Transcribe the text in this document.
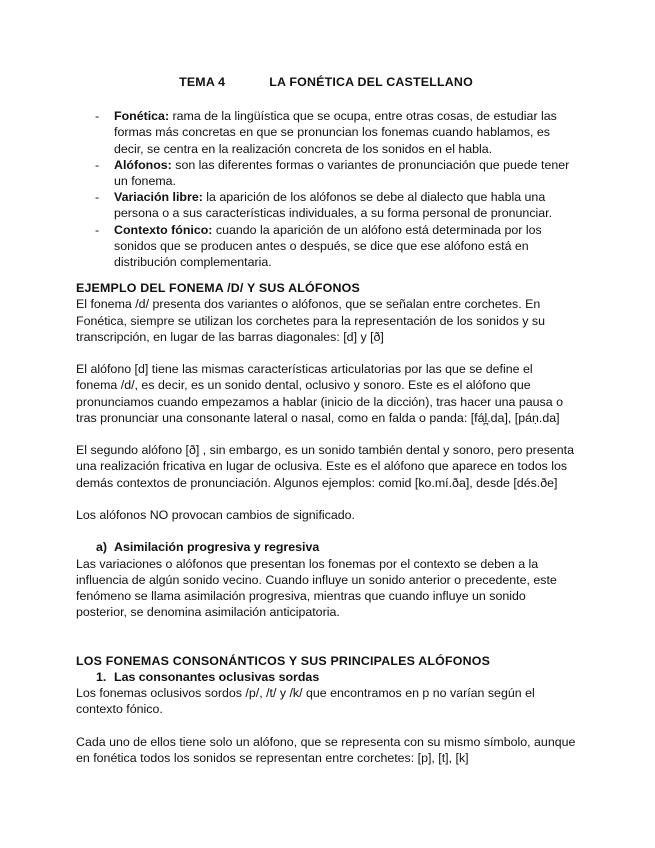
TEMA 4	LA FONÉTICA DEL CASTELLANO
- Fonética: rama de la lingüística que se ocupa, entre otras cosas, de estudiar las formas más concretas en que se pronuncian los fonemas cuando hablamos, es decir, se centra en la realización concreta de los sonidos en el habla.
- Alófonos: son las diferentes formas o variantes de pronunciación que puede tener un fonema.
- Variación libre: la aparición de los alófonos se debe al dialecto que habla una persona o a sus características individuales, a su forma personal de pronunciar.
- Contexto fónico: cuando la aparición de un alófono está determinada por los sonidos que se producen antes o después, se dice que ese alófono está en distribución complementaria.
EJEMPLO DEL FONEMA /D/ Y SUS ALÓFONOS

El fonema /d/ presenta dos variantes o alófonos, que se señalan entre corchetes. En Fonética, siempre se utilizan los corchetes para la representación de los sonidos y su transcripción, en lugar de las barras diagonales: [d] y [ð]

El alófono [d] tiene las mismas características articulatorias por las que se define el fonema /d/, es decir, es un sonido dental, oclusivo y sonoro. Este es el alófono que pronunciamos cuando empezamos a hablar (inicio de la dicción), tras hacer una pausa o tras pronunciar una consonante lateral o nasal, como en falda o panda: [fál̪.da], [páṇ.da]

El segundo alófono [ð] , sin embargo, es un sonido también dental y sonoro, pero presenta una realización fricativa en lugar de oclusiva. Este es el alófono que aparece en todos los demás contextos de pronunciación. Algunos ejemplos: comid [ko.mí.ða], desde [dés.ðe]

Los alófonos NO provocan cambios de significado.

a) Asimilación progresiva y regresiva

Las variaciones o alófonos que presentan los fonemas por el contexto se deben a la influencia de algún sonido vecino. Cuando influye un sonido anterior o precedente, este fenómeno se llama asimilación progresiva, mientras que cuando influye un sonido posterior, se denomina asimilación anticipatoria.

LOS FONEMAS CONSONÁNTICOS Y SUS PRINCIPALES ALÓFONOS
1. Las consonantes oclusivas sordas

Los fonemas oclusivos sordos /p/, /t/ y /k/ que encontramos en p no varían según el contexto fónico.

Cada uno de ellos tiene solo un alófono, que se representa con su mismo símbolo, aunque en fonética todos los sonidos se representan entre corchetes: [p], [t], [k]
